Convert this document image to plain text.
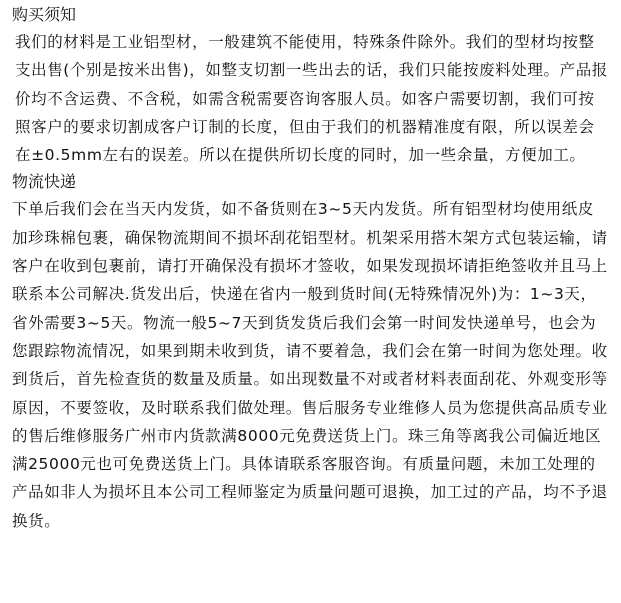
购买须知

我们的材料是工业铝型材，一般建筑不能使用，特殊条件除外。我们的型材均按整支出售(个别是按米出售)，如整支切割一些出去的话，我们只能按废料处理。产品报价均不含运费、不含税，如需含税需要咨询客服人员。如客户需要切割，我们可按照客户的要求切割成客户订制的长度，但由于我们的机器精准度有限，所以误差会在±0.5mm左右的误差。所以在提供所切长度的同时，加一些余量，方便加工。

物流快递

下单后我们会在当天内发货，如不备货则在3~5天内发货。所有铝型材均使用纸皮加珍珠棉包裹，确保物流期间不损坏刮花铝型材。机架采用搭木架方式包装运输，请客户在收到包裹前，请打开确保没有损坏才签收，如果发现损坏请拒绝签收并且马上联系本公司解决.货发出后，快递在省内一般到货时间(无特殊情况外)为：1~3天，省外需要3~5天。物流一般5~7天到货发货后我们会第一时间发快递单号，也会为您跟踪物流情况，如果到期未收到货，请不要着急，我们会在第一时间为您处理。收到货后，首先检查货的数量及质量。如出现数量不对或者材料表面刮花、外观变形等原因，不要签收，及时联系我们做处理。售后服务专业维修人员为您提供高品质专业的售后维修服务广州市内货款满8000元免费送货上门。珠三角等离我公司偏近地区满25000元也可免费送货上门。具体请联系客服咨询。有质量问题，未加工处理的产品如非人为损坏且本公司工程师鉴定为质量问题可退换，加工过的产品，均不予退换货。
